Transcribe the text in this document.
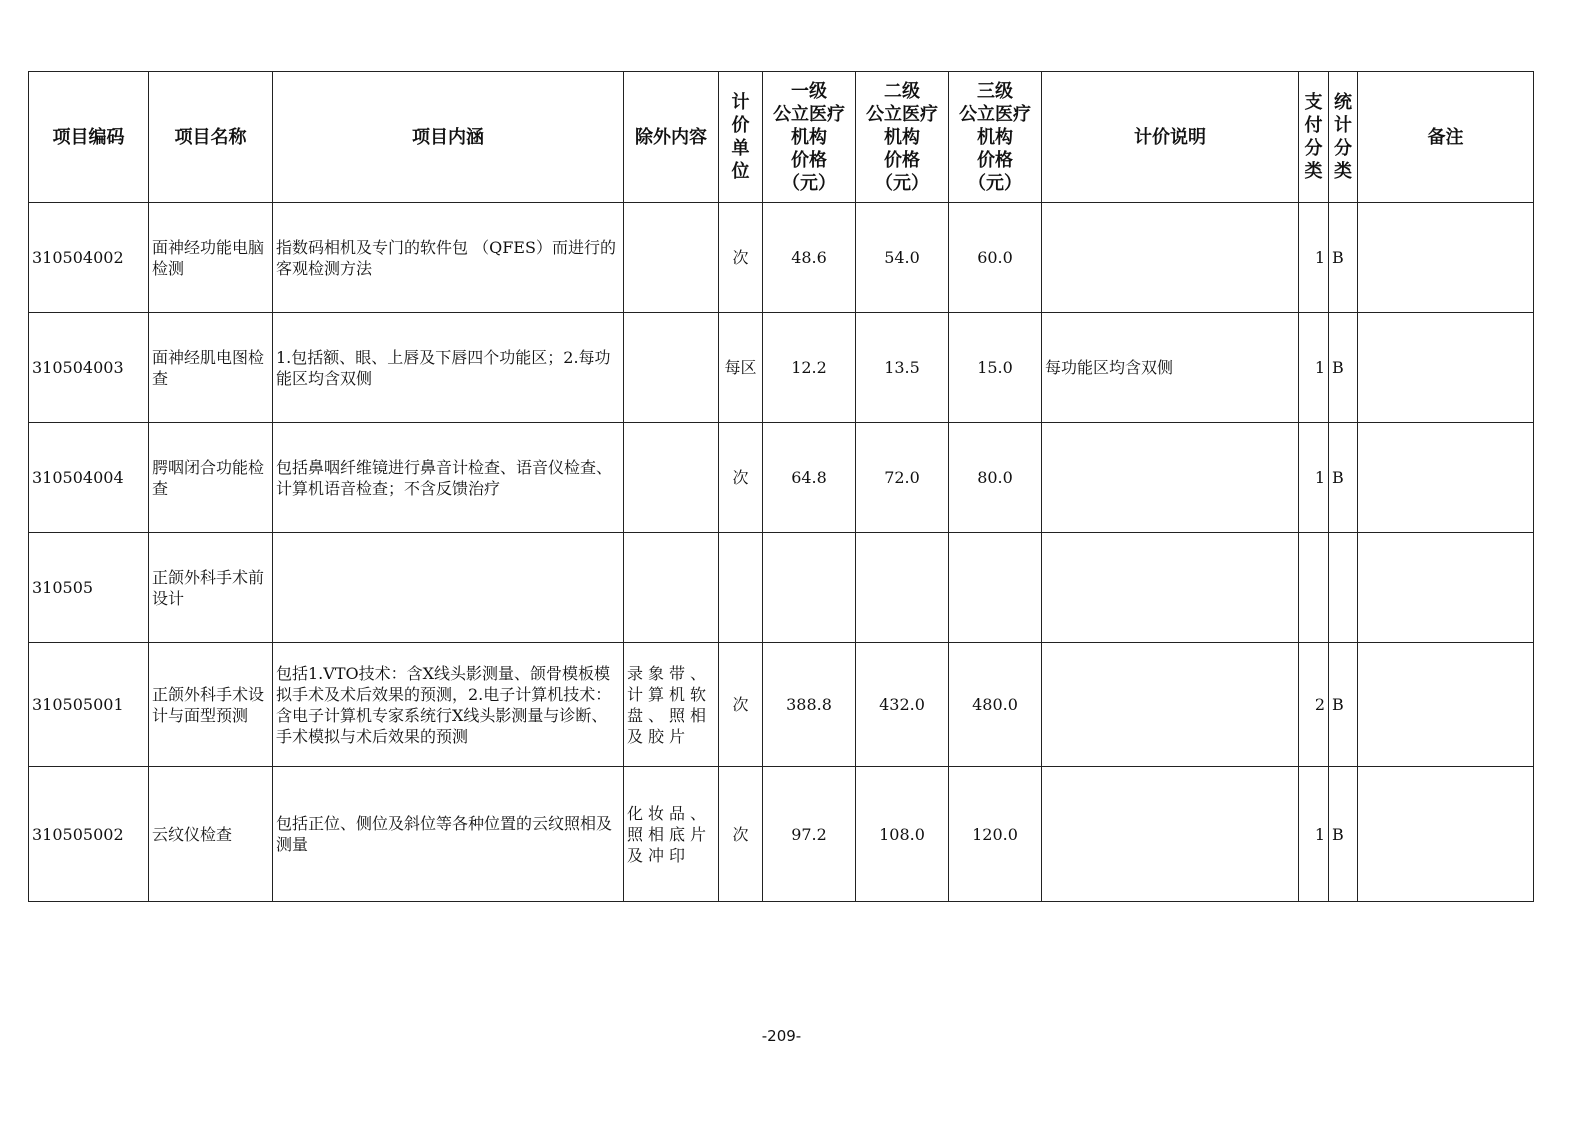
项目编码	项目名称	项目内涵	除外内容	计价单位	一级
公立医疗
机构
价格
（元）	二级
公立医疗
机构
价格
（元）	三级
公立医疗
机构
价格
（元）	计价说明	支付分类	统计分类	备注
310504002	面神经功能电脑检测	指数码相机及专门的软件包 （QFES）而进行的客观检测方法		次	48.6	54.0	60.0		1	B	
310504003	面神经肌电图检查	1.包括额、眼、上唇及下唇四个功能区；2.每功能区均含双侧		每区	12.2	13.5	15.0	每功能区均含双侧	1	B	
310504004	腭咽闭合功能检查	包括鼻咽纤维镜进行鼻音计检查、语音仪检查、计算机语音检查；不含反馈治疗		次	64.8	72.0	80.0		1	B	
310505	正颌外科手术前设计										
310505001	正颌外科手术设计与面型预测	包括1.VTO技术：含X线头影测量、颌骨模板模拟手术及术后效果的预测，2.电子计算机技术：含电子计算机专家系统行X线头影测量与诊断、手术模拟与术后效果的预测	录象带、计算机软盘、照相及胶片	次	388.8	432.0	480.0		2	B	
310505002	云纹仪检查	包括正位、侧位及斜位等各种位置的云纹照相及测量	化妆品、照相底片及冲印	次	97.2	108.0	120.0		1	B	
-209-
